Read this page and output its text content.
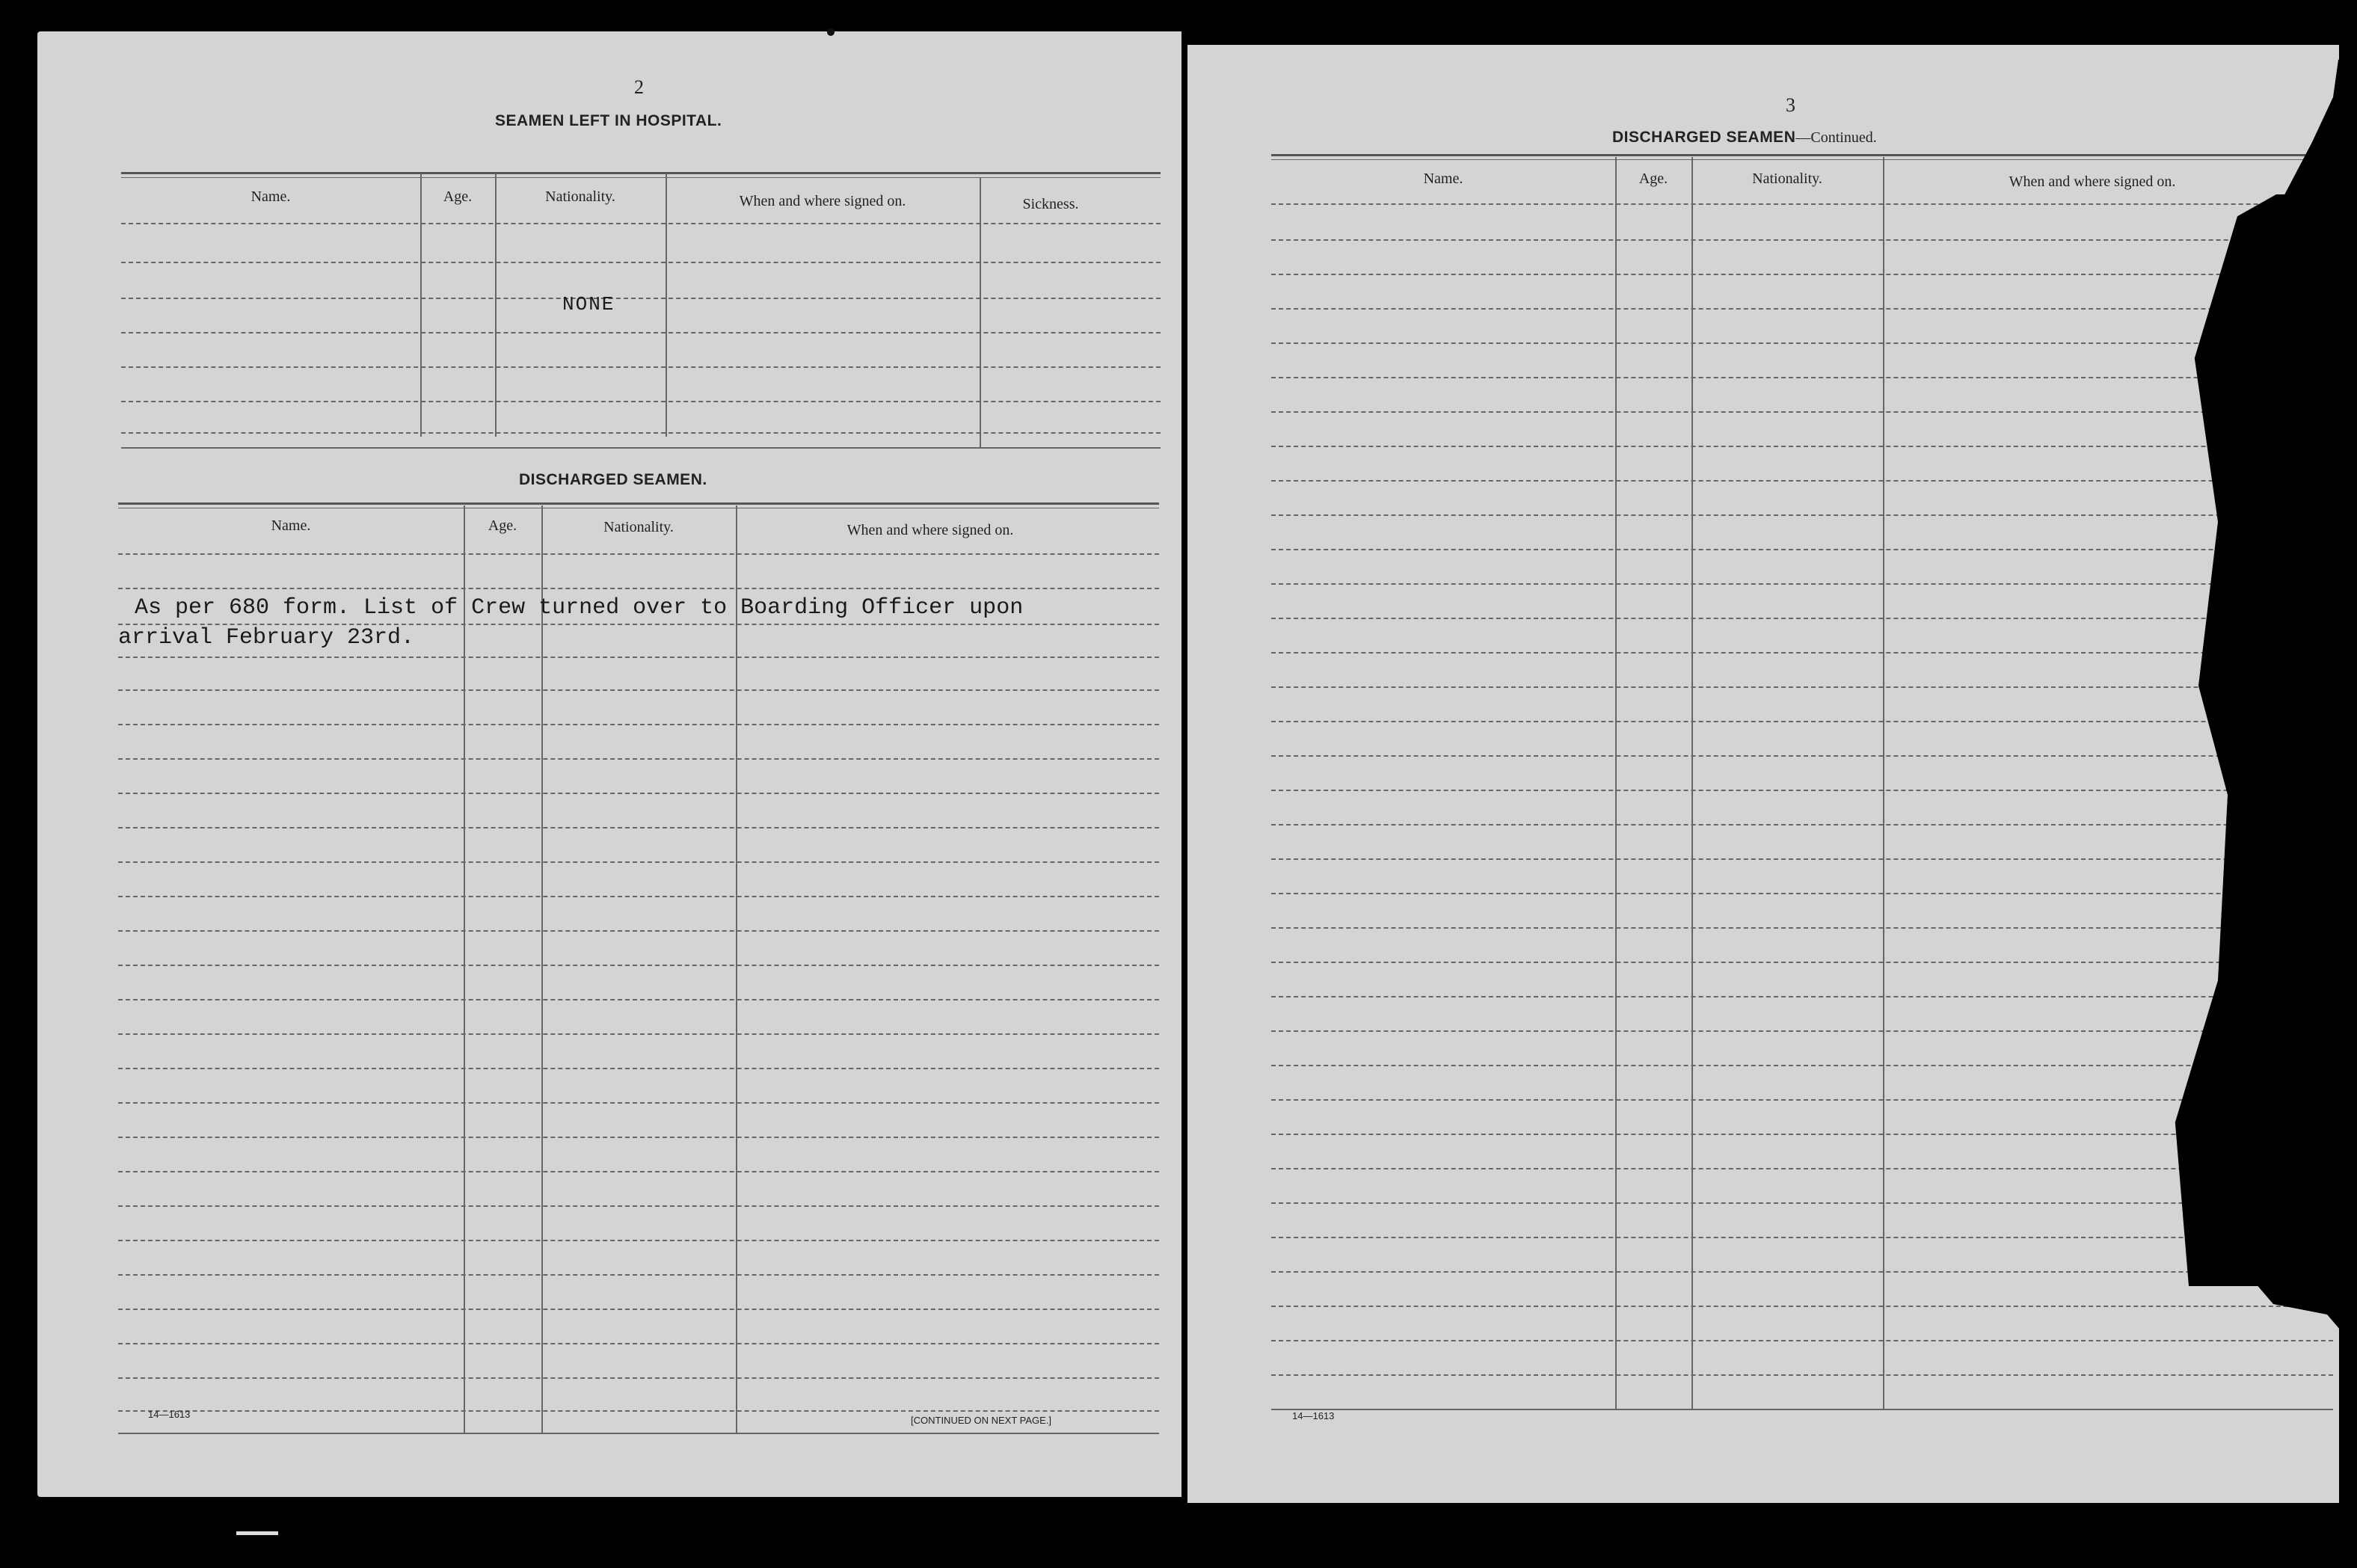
2
SEAMEN LEFT IN HOSPITAL.
Name.	Age.	Nationality.	When and where signed on.	Sickness.
NONE
DISCHARGED SEAMEN.
Name.	Age.	Nationality.	When and where signed on.
As per 680 form. List of Crew turned over to Boarding Officer upon
arrival February 23rd.
14—1613
[CONTINUED ON NEXT PAGE.]
3
DISCHARGED SEAMEN—Continued.
Name.	Age.	Nationality.	When and where signed on.
14—1613
